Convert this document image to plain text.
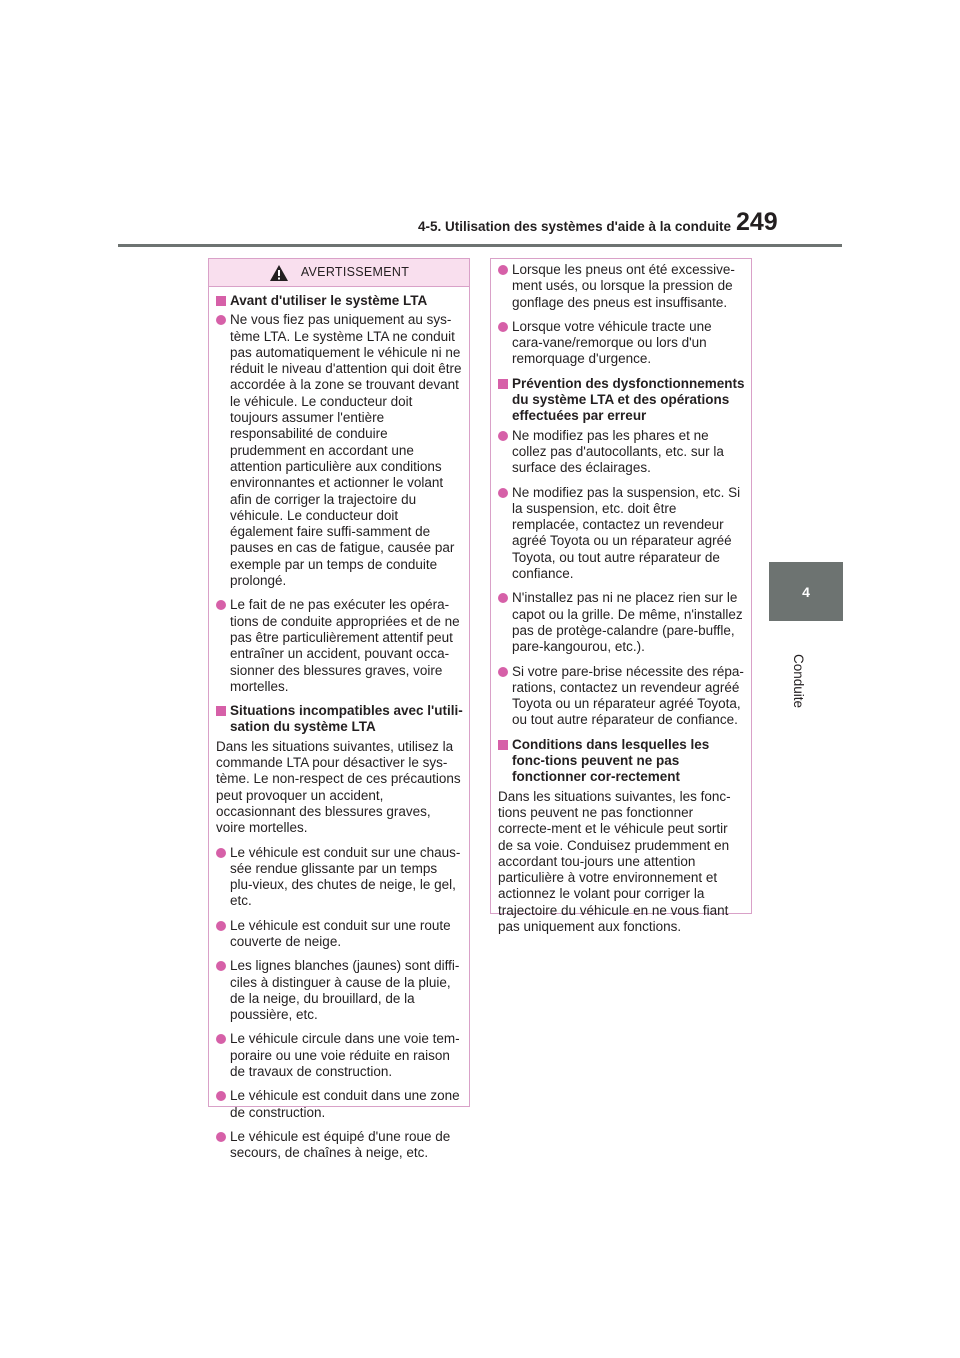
4-5. Utilisation des systèmes d'aide à la conduite 249
4
Conduite
AVERTISSEMENT
Avant d'utiliser le système LTA
Ne vous fiez pas uniquement au sys-tème LTA. Le système LTA ne conduit pas automatiquement le véhicule ni ne réduit le niveau d'attention qui doit être accordée à la zone se trouvant devant le véhicule. Le conducteur doit toujours assumer l'entière responsabilité de conduire prudemment en accordant une attention particulière aux conditions environnantes et actionner le volant afin de corriger la trajectoire du véhicule. Le conducteur doit également faire suffi-samment de pauses en cas de fatigue, causée par exemple par un temps de conduite prolongé.
Le fait de ne pas exécuter les opéra-tions de conduite appropriées et de ne pas être particulièrement attentif peut entraîner un accident, pouvant occa-sionner des blessures graves, voire mortelles.
Situations incompatibles avec l'utili-sation du système LTA

Dans les situations suivantes, utilisez la commande LTA pour désactiver le sys-tème. Le non-respect de ces précautions peut provoquer un accident, occasionnant des blessures graves, voire mortelles.

Le véhicule est conduit sur une chaus-sée rendue glissante par un temps plu-vieux, des chutes de neige, le gel, etc.
Le véhicule est conduit sur une route couverte de neige.
Les lignes blanches (jaunes) sont diffi-ciles à distinguer à cause de la pluie, de la neige, du brouillard, de la poussière, etc.
Le véhicule circule dans une voie tem-poraire ou une voie réduite en raison de travaux de construction.
Le véhicule est conduit dans une zone de construction.
Le véhicule est équipé d'une roue de secours, de chaînes à neige, etc.
Lorsque les pneus ont été excessive-ment usés, ou lorsque la pression de gonflage des pneus est insuffisante.
Lorsque votre véhicule tracte une cara-vane/remorque ou lors d'un remorquage d'urgence.
Prévention des dysfonctionnements du système LTA et des opérations effectuées par erreur
Ne modifiez pas les phares et ne collez pas d'autocollants, etc. sur la surface des éclairages.
Ne modifiez pas la suspension, etc. Si la suspension, etc. doit être remplacée, contactez un revendeur agréé Toyota ou un réparateur agréé Toyota, ou tout autre réparateur de confiance.
N'installez pas ni ne placez rien sur le capot ou la grille. De même, n'installez pas de protège-calandre (pare-buffle, pare-kangourou, etc.).
Si votre pare-brise nécessite des répa-rations, contactez un revendeur agréé Toyota ou un réparateur agréé Toyota, ou tout autre réparateur de confiance.
Conditions dans lesquelles les fonc-tions peuvent ne pas fonctionner cor-rectement

Dans les situations suivantes, les fonc-tions peuvent ne pas fonctionner correcte-ment et le véhicule peut sortir de sa voie. Conduisez prudemment en accordant tou-jours une attention particulière à votre environnement et actionnez le volant pour corriger la trajectoire du véhicule en ne vous fiant pas uniquement aux fonctions.
